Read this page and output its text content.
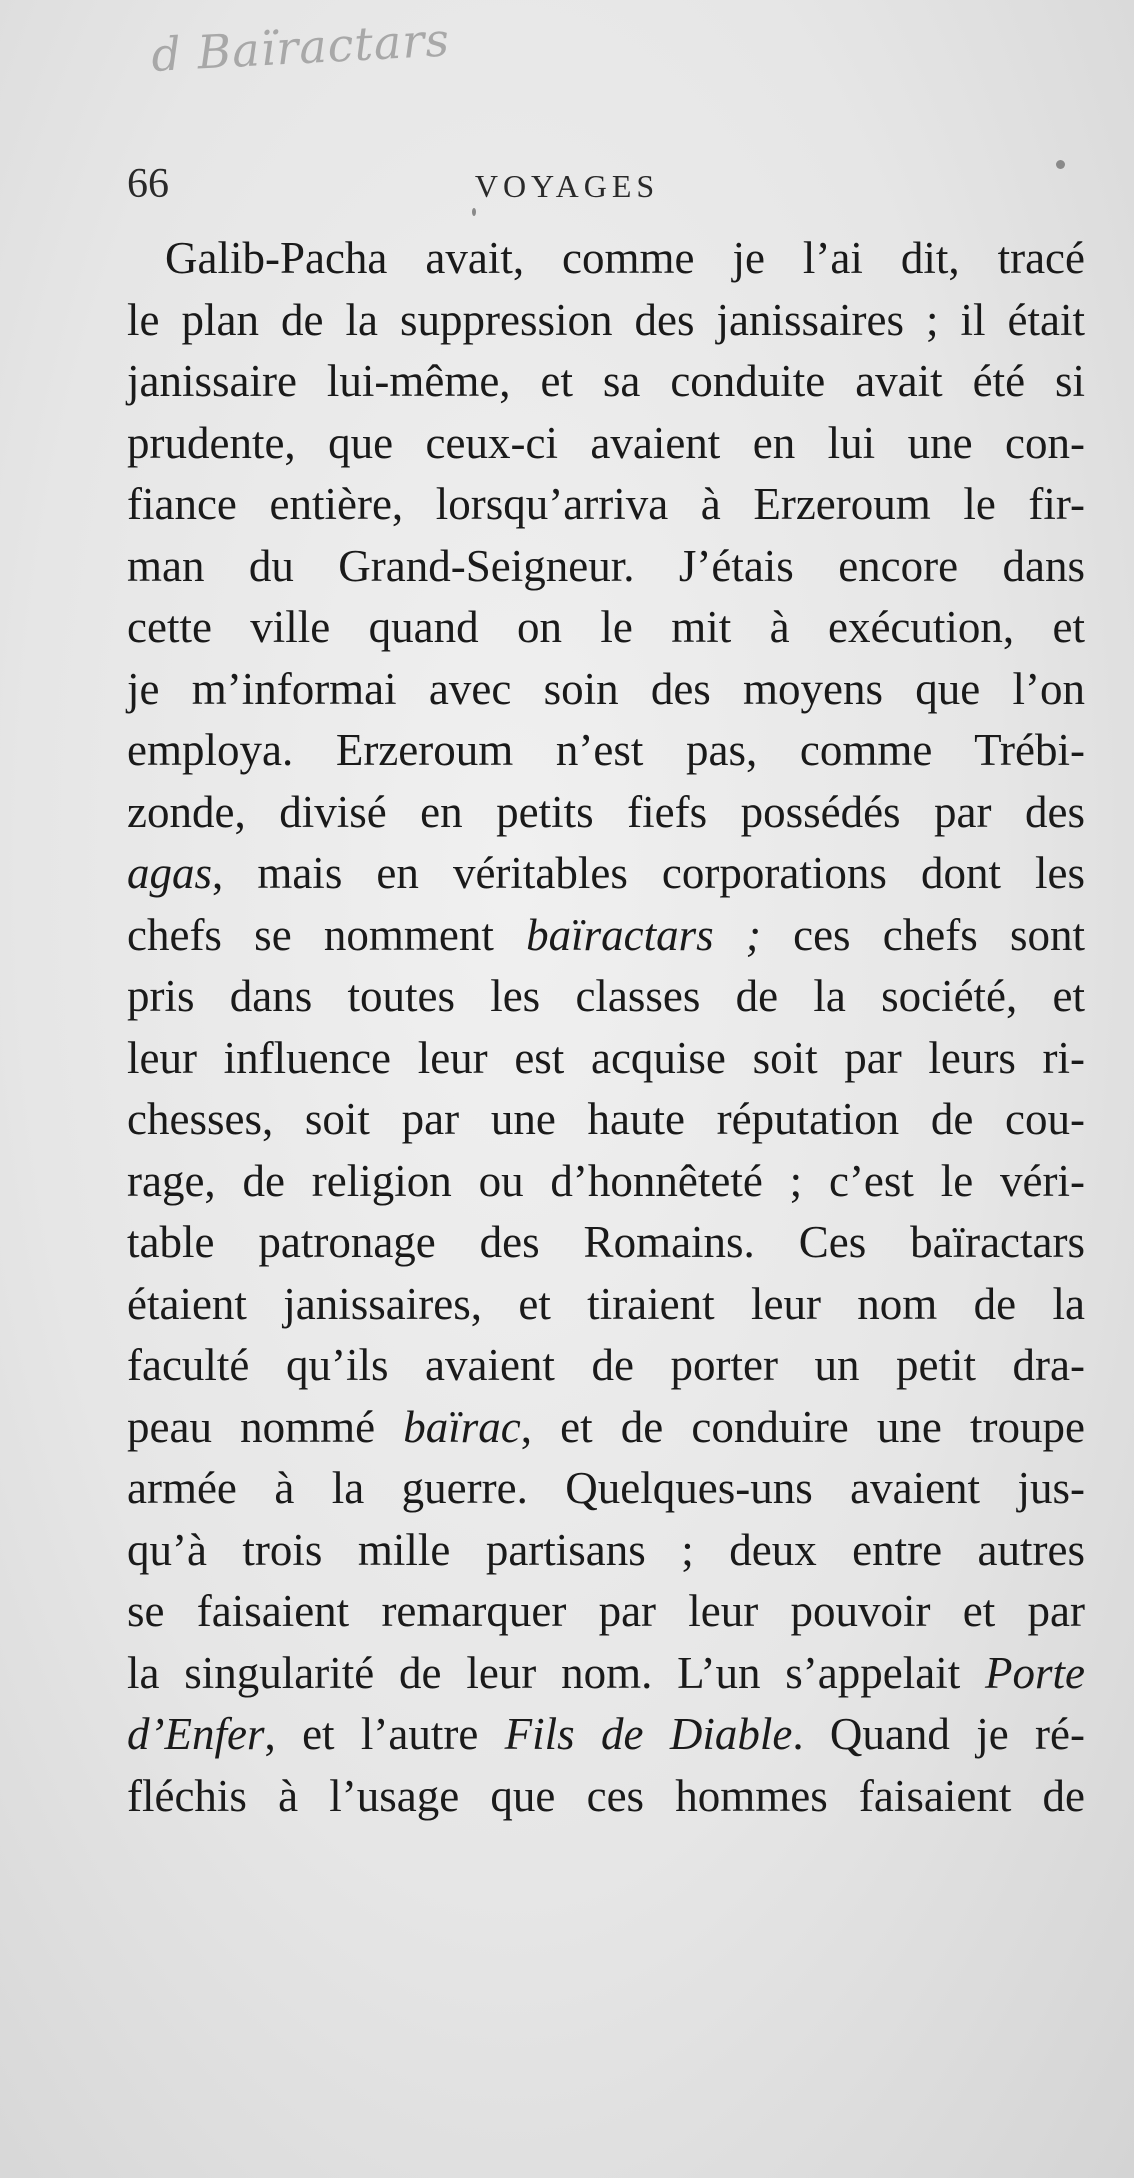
d Baïractars
66	VOYAGES
Galib-Pacha avait, comme je l’ai dit, tracé
le plan de la suppression des janissaires ; il était
janissaire lui-même, et sa conduite avait été si
prudente, que ceux-ci avaient en lui une con-
fiance entière, lorsqu’arriva à Erzeroum le fir-
man du Grand-Seigneur. J’étais encore dans
cette ville quand on le mit à exécution, et
je m’informai avec soin des moyens que l’on
employa. Erzeroum n’est pas, comme Trébi-
zonde, divisé en petits fiefs possédés par des
agas, mais en véritables corporations dont les
chefs se nomment baïractars ; ces chefs sont
pris dans toutes les classes de la société, et
leur influence leur est acquise soit par leurs ri-
chesses, soit par une haute réputation de cou-
rage, de religion ou d’honnêteté ; c’est le véri-
table patronage des Romains. Ces baïractars
étaient janissaires, et tiraient leur nom de la
faculté qu’ils avaient de porter un petit dra-
peau nommé baïrac, et de conduire une troupe
armée à la guerre. Quelques-uns avaient jus-
qu’à trois mille partisans ; deux entre autres
se faisaient remarquer par leur pouvoir et par
la singularité de leur nom. L’un s’appelait Porte
d’Enfer, et l’autre Fils de Diable. Quand je ré-
fléchis à l’usage que ces hommes faisaient de
